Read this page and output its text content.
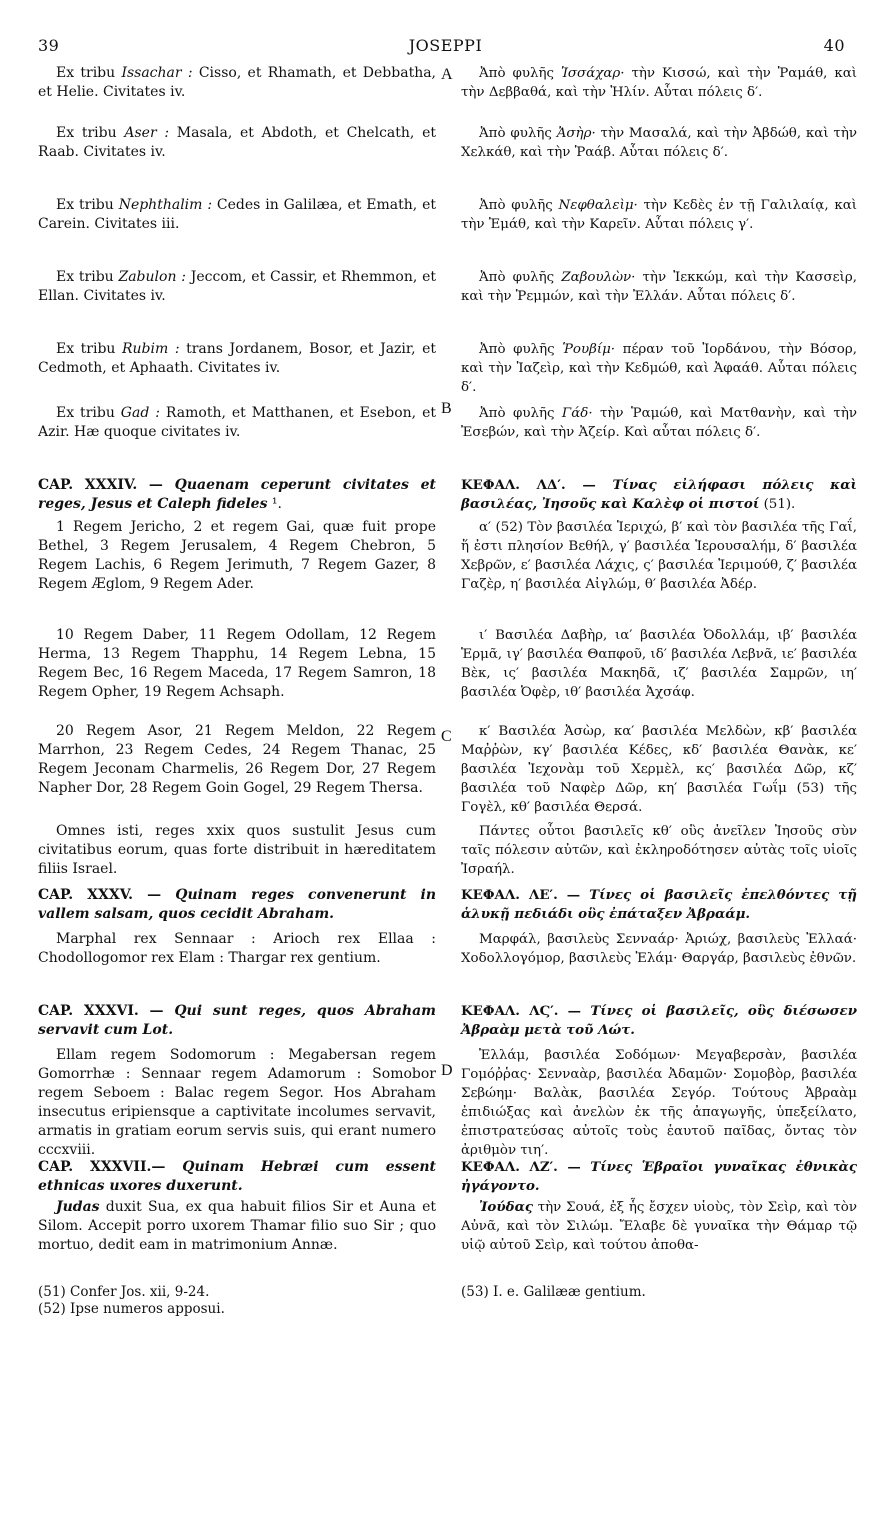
JOSEPPI
39	40
A
B
C
D

Ex tribu Issachar : Cisso, et Rhamath, et Debbatha, et Helie. Civitates iv.

Ex tribu Aser : Masala, et Abdoth, et Chelcath, et Raab. Civitates iv.

Ex tribu Nephthalim : Cedes in Galilæa, et Emath, et Carein. Civitates iii.

Ex tribu Zabulon : Jeccom, et Cassir, et Rhemmon, et Ellan. Civitates iv.

Ex tribu Rubim : trans Jordanem, Bosor, et Jazir, et Cedmoth, et Aphaath. Civitates iv.

Ex tribu Gad : Ramoth, et Matthanen, et Esebon, et Azir. Hæ quoque civitates iv.

CAP. XXXIV. — Quaenam ceperunt civitates et reges, Jesus et Caleph fideles ¹.

1 Regem Jericho, 2 et regem Gai, quæ fuit prope Bethel, 3 Regem Jerusalem, 4 Regem Chebron, 5 Regem Lachis, 6 Regem Jerimuth, 7 Regem Gazer, 8 Regem Æglom, 9 Regem Ader.

10 Regem Daber, 11 Regem Odollam, 12 Regem Herma, 13 Regem Thapphu, 14 Regem Lebna, 15 Regem Bec, 16 Regem Maceda, 17 Regem Samron, 18 Regem Opher, 19 Regem Achsaph.

20 Regem Asor, 21 Regem Meldon, 22 Regem Marrhon, 23 Regem Cedes, 24 Regem Thanac, 25 Regem Jeconam Charmelis, 26 Regem Dor, 27 Regem Napher Dor, 28 Regem Goin Gogel, 29 Regem Thersa.

Omnes isti, reges xxix quos sustulit Jesus cum civitatibus eorum, quas forte distribuit in hæreditatem filiis Israel.

CAP. XXXV. — Quinam reges convenerunt in vallem salsam, quos cecidit Abraham.

Marphal rex Sennaar : Arioch rex Ellaa : Chodollogomor rex Elam : Thargar rex gentium.

CAP. XXXVI. — Qui sunt reges, quos Abraham servavit cum Lot.

Ellam regem Sodomorum : Megabersan regem Gomorrhæ : Sennaar regem Adamorum : Somobor regem Seboem : Balac regem Segor. Hos Abraham insecutus eripiensque a captivitate incolumes servavit, armatis in gratiam eorum servis suis, qui erant numero cccxviii.

CAP. XXXVII.— Quinam Hebræi cum essent ethnicas uxores duxerunt.

Judas duxit Sua, ex qua habuit filios Sir et Auna et Silom. Accepit porro uxorem Thamar filio suo Sir ; quo mortuo, dedit eam in matrimonium Annæ.

(51) Confer Jos. xii, 9-24.

(52) Ipse numeros apposui.

Ἀπὸ φυλῆς Ἰσσάχαρ· τὴν Κισσώ, καὶ τὴν Ῥαμάθ, καὶ τὴν Δεββαθά, καὶ τὴν Ἡλίν. Αὗται πόλεις δ′.

Ἀπὸ φυλῆς Ἀσὴρ· τὴν Μασαλά, καὶ τὴν Ἀβδώθ, καὶ τὴν Χελκάθ, καὶ τὴν Ῥαάβ. Αὗται πόλεις δ′.

Ἀπὸ φυλῆς Νεφθαλεὶμ· τὴν Κεδὲς ἐν τῇ Γαλιλαίᾳ, καὶ τὴν Ἐμάθ, καὶ τὴν Καρεῖν. Αὗται πόλεις γ′.

Ἀπὸ φυλῆς Ζαβουλὼν· τὴν Ἰεκκώμ, καὶ τὴν Κασσεὶρ, καὶ τὴν Ῥεμμών, καὶ τὴν Ἐλλάν. Αὗται πόλεις δ′.

Ἀπὸ φυλῆς Ῥουβίμ· πέραν τοῦ Ἰορδάνου, τὴν Βόσορ, καὶ τὴν Ἰαζεὶρ, καὶ τὴν Κεδμώθ, καὶ Ἀφαάθ. Αὗται πόλεις δ′.

Ἀπὸ φυλῆς Γάδ· τὴν Ῥαμώθ, καὶ Ματθανὴν, καὶ τὴν Ἐσεβών, καὶ τὴν Ἀζείρ. Καὶ αὗται πόλεις δ′.

ΚΕΦΑΛ. ΛΔ′. — Τίνας εἰλήφασι πόλεις καὶ βασιλέας, Ἰησοῦς καὶ Καλὲφ οἱ πιστοί (51).

α′ (52) Τὸν βασιλέα Ἱεριχώ, β′ καὶ τὸν βασιλέα τῆς Γαΐ, ἥ ἐστι πλησίον Βεθήλ, γ′ βασιλέα Ἱερουσαλήμ, δ′ βασιλέα Χεβρῶν, ε′ βασιλέα Λάχις, ς′ βασιλέα Ἱεριμούθ, ζ′ βασιλέα Γαζὲρ, η′ βασιλέα Αἰγλώμ, θ′ βασιλέα Ἀδέρ.

ι′ Βασιλέα Δαβὴρ, ια′ βασιλέα Ὀδολλάμ, ιβ′ βασιλέα Ἑρμᾶ, ιγ′ βασιλέα Θαπφοῦ, ιδ′ βασιλέα Λεβνᾶ, ιε′ βασιλέα Βὲκ, ις′ βασιλέα Μακηδᾶ, ιζ′ βασιλέα Σαμρῶν, ιη′ βασιλέα Ὀφὲρ, ιθ′ βασιλέα Ἀχσάφ.

κ′ Βασιλέα Ἀσὼρ, κα′ βασιλέα Μελδὼν, κβ′ βασιλέα Μαῤῥὼν, κγ′ βασιλέα Κέδες, κδ′ βασιλέα Θανὰκ, κε′ βασιλέα Ἰεχονὰμ τοῦ Χερμὲλ, κς′ βασιλέα Δῶρ, κζ′ βασιλέα τοῦ Ναφὲρ Δῶρ, κη′ βασιλέα Γωΐμ (53) τῆς Γογὲλ, κθ′ βασιλέα Θερσά.

Πάντες οὗτοι βασιλεῖς κθ′ οὓς ἀνεῖλεν Ἰησοῦς σὺν ταῖς πόλεσιν αὐτῶν, καὶ ἐκληροδότησεν αὐτὰς τοῖς υἱοῖς Ἰσραήλ.

ΚΕΦΑΛ. ΛΕ′. — Τίνες οἱ βασιλεῖς ἐπελθόντες τῇ ἁλυκῇ πεδιάδι οὓς ἐπάταξεν Ἀβραάμ.

Μαρφάλ, βασιλεὺς Σενναάρ· Ἀριώχ, βασιλεὺς Ἐλλαά· Χοδολλογόμορ, βασιλεὺς Ἐλάμ· Θαργάρ, βασιλεὺς ἐθνῶν.

ΚΕΦΑΛ. ΛϚ′. — Τίνες οἱ βασιλεῖς, οὓς διέσωσεν Ἀβραὰμ μετὰ τοῦ Λώτ.

Ἐλλάμ, βασιλέα Σοδόμων· Μεγαβερσὰν, βασιλέα Γομόῤῥας· Σενναὰρ, βασιλέα Ἀδαμῶν· Σομοβὸρ, βασιλέα Σεβώημ· Βαλὰκ, βασιλέα Σεγόρ. Τούτους Ἀβραὰμ ἐπιδιώξας καὶ ἀνελὼν ἐκ τῆς ἀπαγωγῆς, ὑπεξείλατο, ἐπιστρατεύσας αὐτοῖς τοὺς ἑαυτοῦ παῖδας, ὄντας τὸν ἀριθμὸν τιη′.

ΚΕΦΑΛ. ΛΖ′. — Τίνες Ἑβραῖοι γυναῖκας ἐθνικὰς ἠγάγοντο.

Ἰούδας τὴν Σουά, ἐξ ἧς ἔσχεν υἱοὺς, τὸν Σεὶρ, καὶ τὸν Αὐνᾶ, καὶ τὸν Σιλώμ. Ἔλαβε δὲ γυναῖκα τὴν Θάμαρ τῷ υἱῷ αὐτοῦ Σεὶρ, καὶ τούτου ἀποθα-

(53) I. e. Galilææ gentium.
